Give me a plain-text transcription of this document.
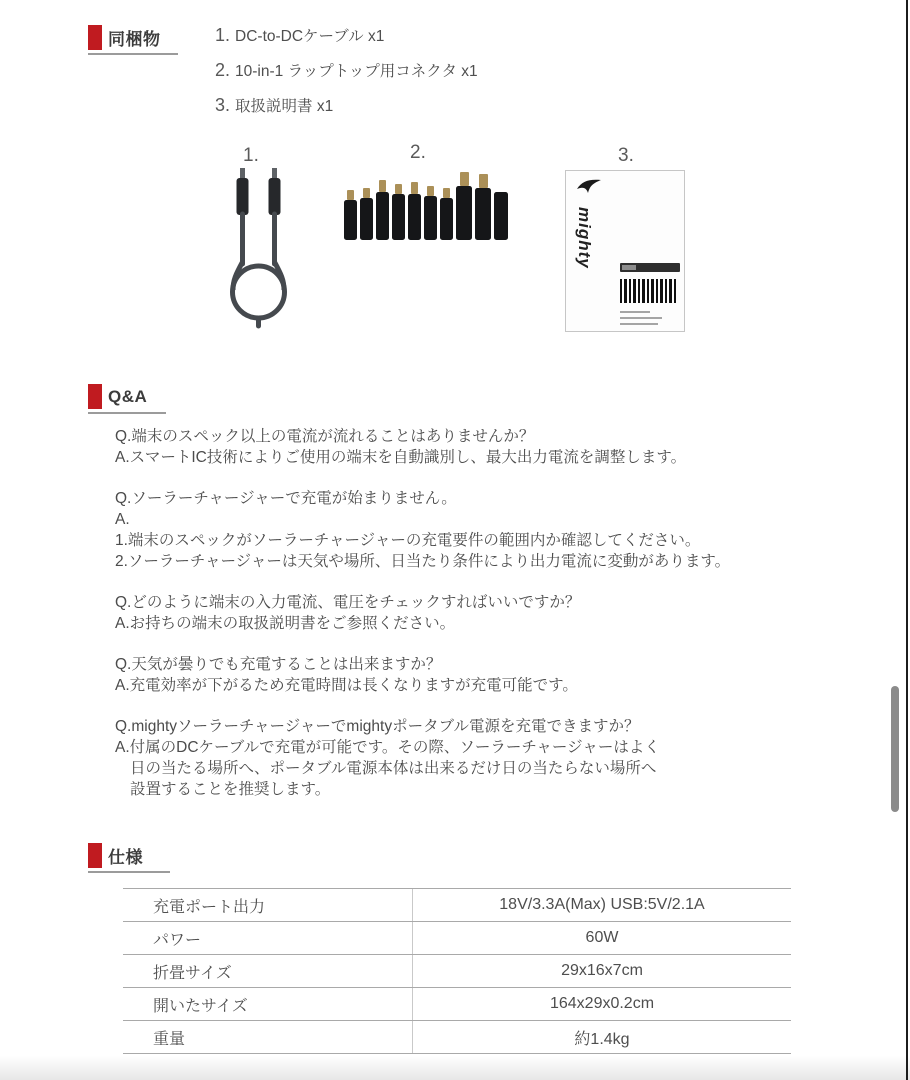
同梱物	1. DC-to-DCケーブル x1
2. 10-in-1 ラップトップ用コネクタ x1
3. 取扱説明書 x1
1.	2.	3.
mighty
Q&A
Q.端末のスペック以上の電流が流れることはありませんか？
A.スマートIC技術によりご使用の端末を自動識別し、最大出力電流を調整します。
Q.ソーラーチャージャーで充電が始まりません。
A.
1.端末のスペックがソーラーチャージャーの充電要件の範囲内か確認してください。
2.ソーラーチャージャーは天気や場所、日当たり条件により出力電流に変動があります。
Q.どのように端末の入力電流、電圧をチェックすればいいですか？
A.お持ちの端末の取扱説明書をご参照ください。
Q.天気が曇りでも充電することは出来ますか？
A.充電効率が下がるため充電時間は長くなりますが充電可能です。
Q.mightyソーラーチャージャーでmightyポータブル電源を充電できますか？
A.付属のDCケーブルで充電が可能です。その際、ソーラーチャージャーはよく
日の当たる場所へ、ポータブル電源本体は出来るだけ日の当たらない場所へ
設置することを推奨します。
仕様
充電ポート出力	18V/3.3A(Max) USB:5V/2.1A
パワー	60W
折畳サイズ	29x16x7cm
開いたサイズ	164x29x0.2cm
重量	約1.4kg
